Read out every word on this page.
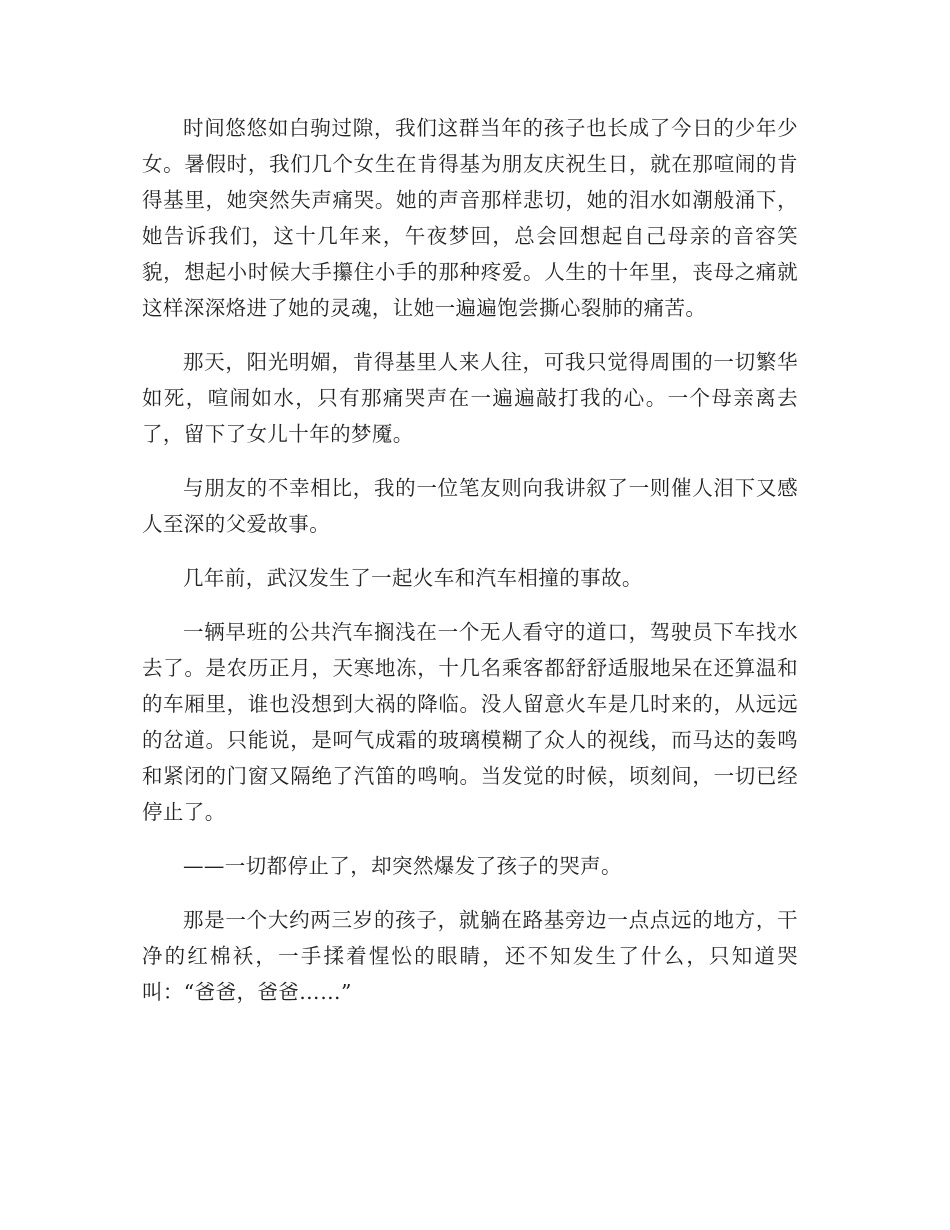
时间悠悠如白驹过隙，我们这群当年的孩子也长成了今日的少年少女。暑假时，我们几个女生在肯得基为朋友庆祝生日，就在那喧闹的肯得基里，她突然失声痛哭。她的声音那样悲切，她的泪水如潮般涌下，她告诉我们，这十几年来，午夜梦回，总会回想起自己母亲的音容笑貌，想起小时候大手攥住小手的那种疼爱。人生的十年里，丧母之痛就这样深深烙进了她的灵魂，让她一遍遍饱尝撕心裂肺的痛苦。

那天，阳光明媚，肯得基里人来人往，可我只觉得周围的一切繁华如死，喧闹如水，只有那痛哭声在一遍遍敲打我的心。一个母亲离去了，留下了女儿十年的梦魇。

与朋友的不幸相比，我的一位笔友则向我讲叙了一则催人泪下又感人至深的父爱故事。

几年前，武汉发生了一起火车和汽车相撞的事故。

一辆早班的公共汽车搁浅在一个无人看守的道口，驾驶员下车找水去了。是农历正月，天寒地冻，十几名乘客都舒舒适服地呆在还算温和的车厢里，谁也没想到大祸的降临。没人留意火车是几时来的，从远远的岔道。只能说，是呵气成霜的玻璃模糊了众人的视线，而马达的轰鸣和紧闭的门窗又隔绝了汽笛的鸣响。当发觉的时候，顷刻间，一切已经停止了。

——一切都停止了，却突然爆发了孩子的哭声。

那是一个大约两三岁的孩子，就躺在路基旁边一点点远的地方，干净的红棉袄，一手揉着惺忪的眼睛，还不知发生了什么，只知道哭叫：“爸爸，爸爸……”
